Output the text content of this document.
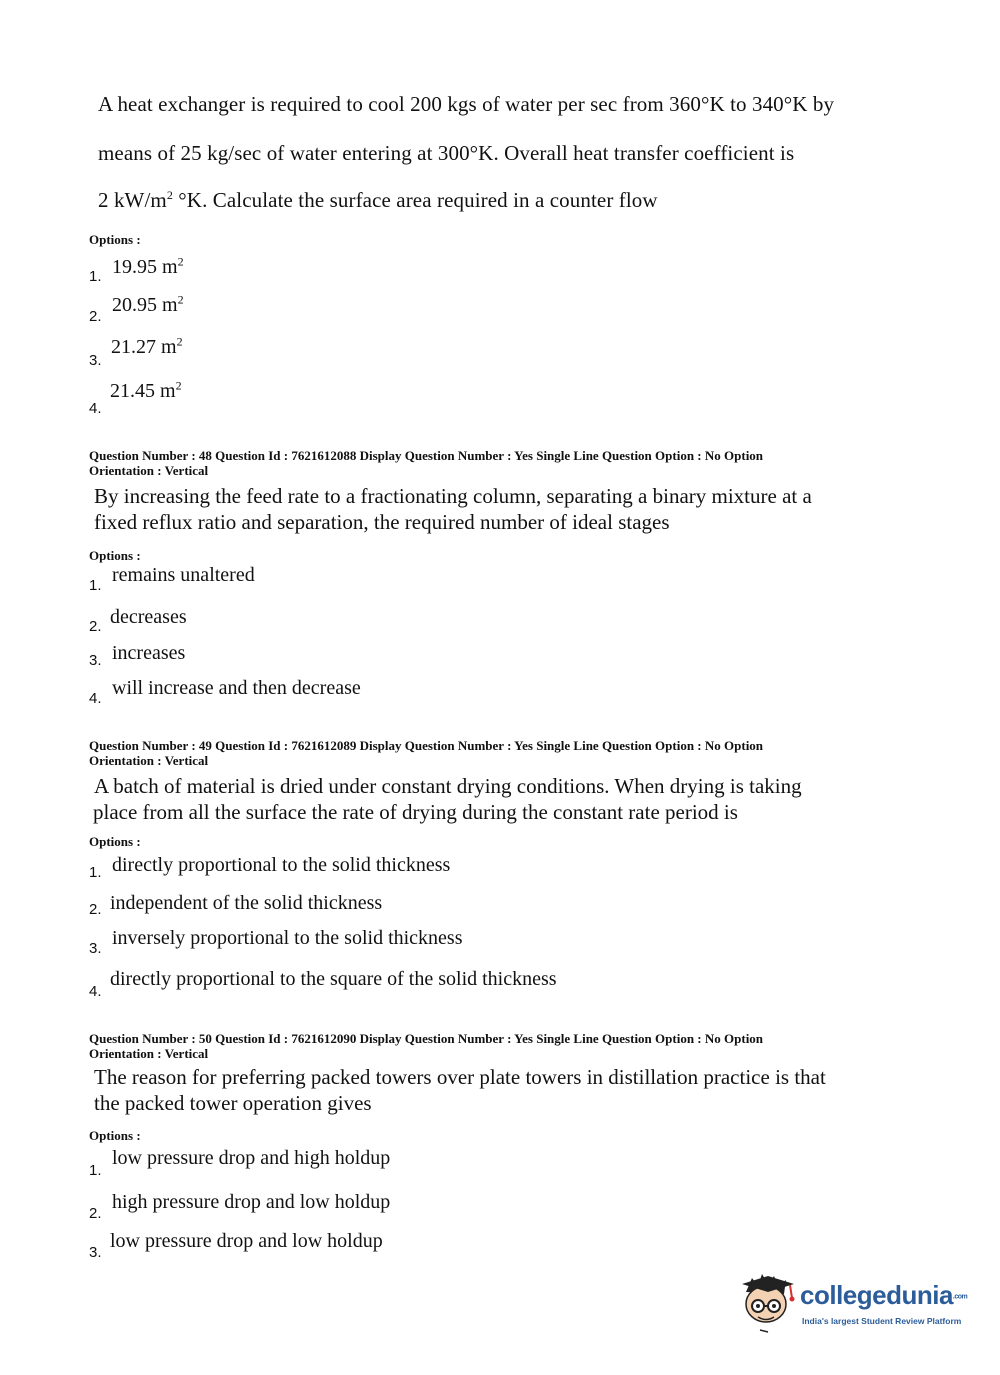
A heat exchanger is required to cool 200 kgs of water per sec from 360°K to 340°K by
means of 25 kg/sec of water entering at 300°K. Overall heat transfer coefficient is
2 $kW/m^2$ °K. Calculate the surface area required in a counter flow
Options :
1. 19.95 $m^2$
2.
20.95 $m^2$
3.
21.27 $m^2$
4.
21.45 $m^2$
Question Number : 48 Question Id : 7621612088 Display Question Number : Yes Single Line Question Option : No Option
Orientation : Vertical
By increasing the feed rate to a fractionating column, separating a binary mixture at a
fixed reflux ratio and separation, the required number of ideal stages
Options :
1. remains unaltered
2. decreases
3. increases
4. will increase and then decrease
Question Number : 49 Question Id : 7621612089 Display Question Number : Yes Single Line Question Option : No Option
Orientation : Vertical
A batch of material is dried under constant drying conditions. When drying is taking
place from all the surface the rate of drying during the constant rate period is
Options :
1. directly proportional to the solid thickness
2. independent of the solid thickness
3. inversely proportional to the solid thickness
4.
directly proportional to the square of the solid thickness
Question Number : 50 Question Id : 7621612090 Display Question Number : Yes Single Line Question Option : No Option
Orientation : Vertical
The reason for preferring packed towers over plate towers in distillation practice is that
the packed tower operation gives
Options :
1.
low pressure drop and high holdup
2.
high pressure drop and low holdup
3.
low pressure drop and low holdup
collegedunia.com
India's largest Student Review Platform
